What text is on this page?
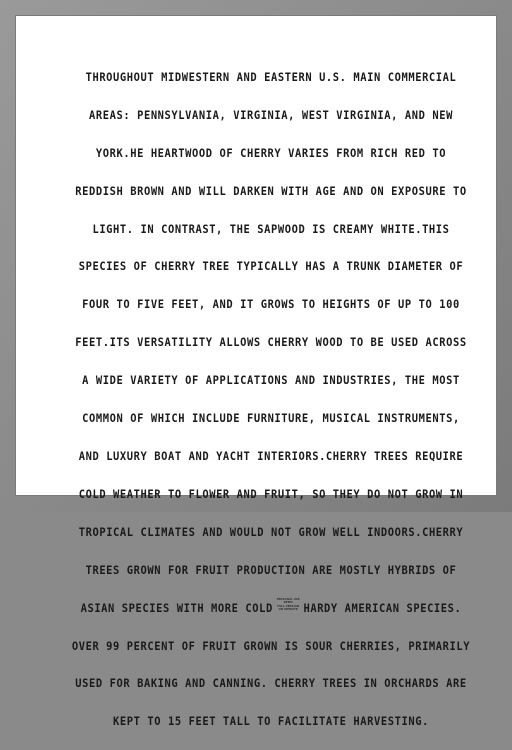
THROUGHOUT MIDWESTERN AND EASTERN U.S. MAIN COMMERCIAL

AREAS: PENNSYLVANIA, VIRGINIA, WEST VIRGINIA, AND NEW

YORK.HE HEARTWOOD OF CHERRY VARIES FROM RICH RED TO

REDDISH BROWN AND WILL DARKEN WITH AGE AND ON EXPOSURE TO

LIGHT. IN CONTRAST, THE SAPWOOD IS CREAMY WHITE.THIS

SPECIES OF CHERRY TREE TYPICALLY HAS A TRUNK DIAMETER OF

FOUR TO FIVE FEET, AND IT GROWS TO HEIGHTS OF UP TO 100

FEET.ITS VERSATILITY ALLOWS CHERRY WOOD TO BE USED ACROSS

A WIDE VARIETY OF APPLICATIONS AND INDUSTRIES, THE MOST

COMMON OF WHICH INCLUDE FURNITURE, MUSICAL INSTRUMENTS,

AND LUXURY BOAT AND YACHT INTERIORS.CHERRY TREES REQUIRE

COLD WEATHER TO FLOWER AND FRUIT, SO THEY DO NOT GROW IN

TROPICAL CLIMATES AND WOULD NOT GROW WELL INDOORS.CHERRY

TREES GROWN FOR FRUIT PRODUCTION ARE MOSTLY HYBRIDS OF

ASIAN SPECIES WITH MORE COLDPERSONAL USE
DEMO
FULL VERSION
ON WEBSITE HARDY AMERICAN SPECIES.

OVER 99 PERCENT OF FRUIT GROWN IS SOUR CHERRIES, PRIMARILY

USED FOR BAKING AND CANNING. CHERRY TREES IN ORCHARDS ARE

KEPT TO 15 FEET TALL TO FACILITATE HARVESTING.
